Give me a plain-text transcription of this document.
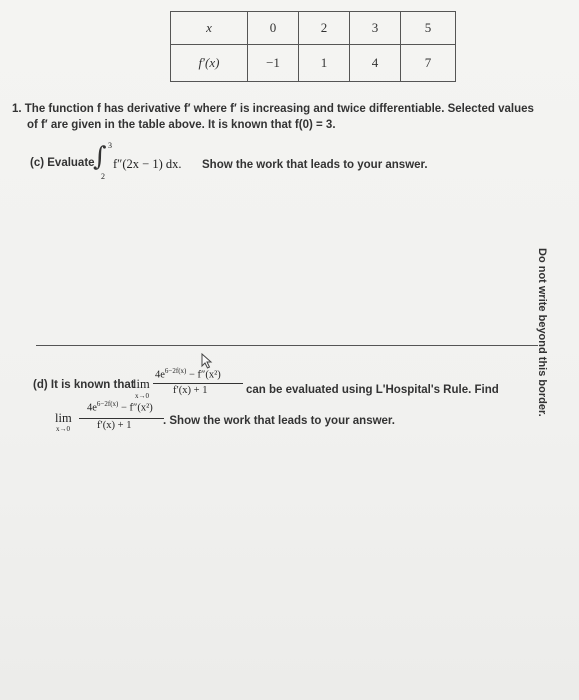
x	0	2	3	5
f′(x)	−1	1	4	7
1. The function f has derivative f′ where f′ is increasing and twice differentiable. Selected values
of f′ are given in the table above. It is known that f(0) = 3.
(c) Evaluate
∫ 3
2
f″(2x − 1) dx. Show the work that leads to your answer.
(d) It is known that
lim
x→0
$4e^{6-2f(x)} - f''(x^2)$
f′(x) + 1	can be evaluated using L'Hospital's Rule. Find
lim
x→0
$4e^{6-2f(x)} - f''(x^2)$
f′(x) + 1	. Show the work that leads to your answer.
Do not write beyond this border.
